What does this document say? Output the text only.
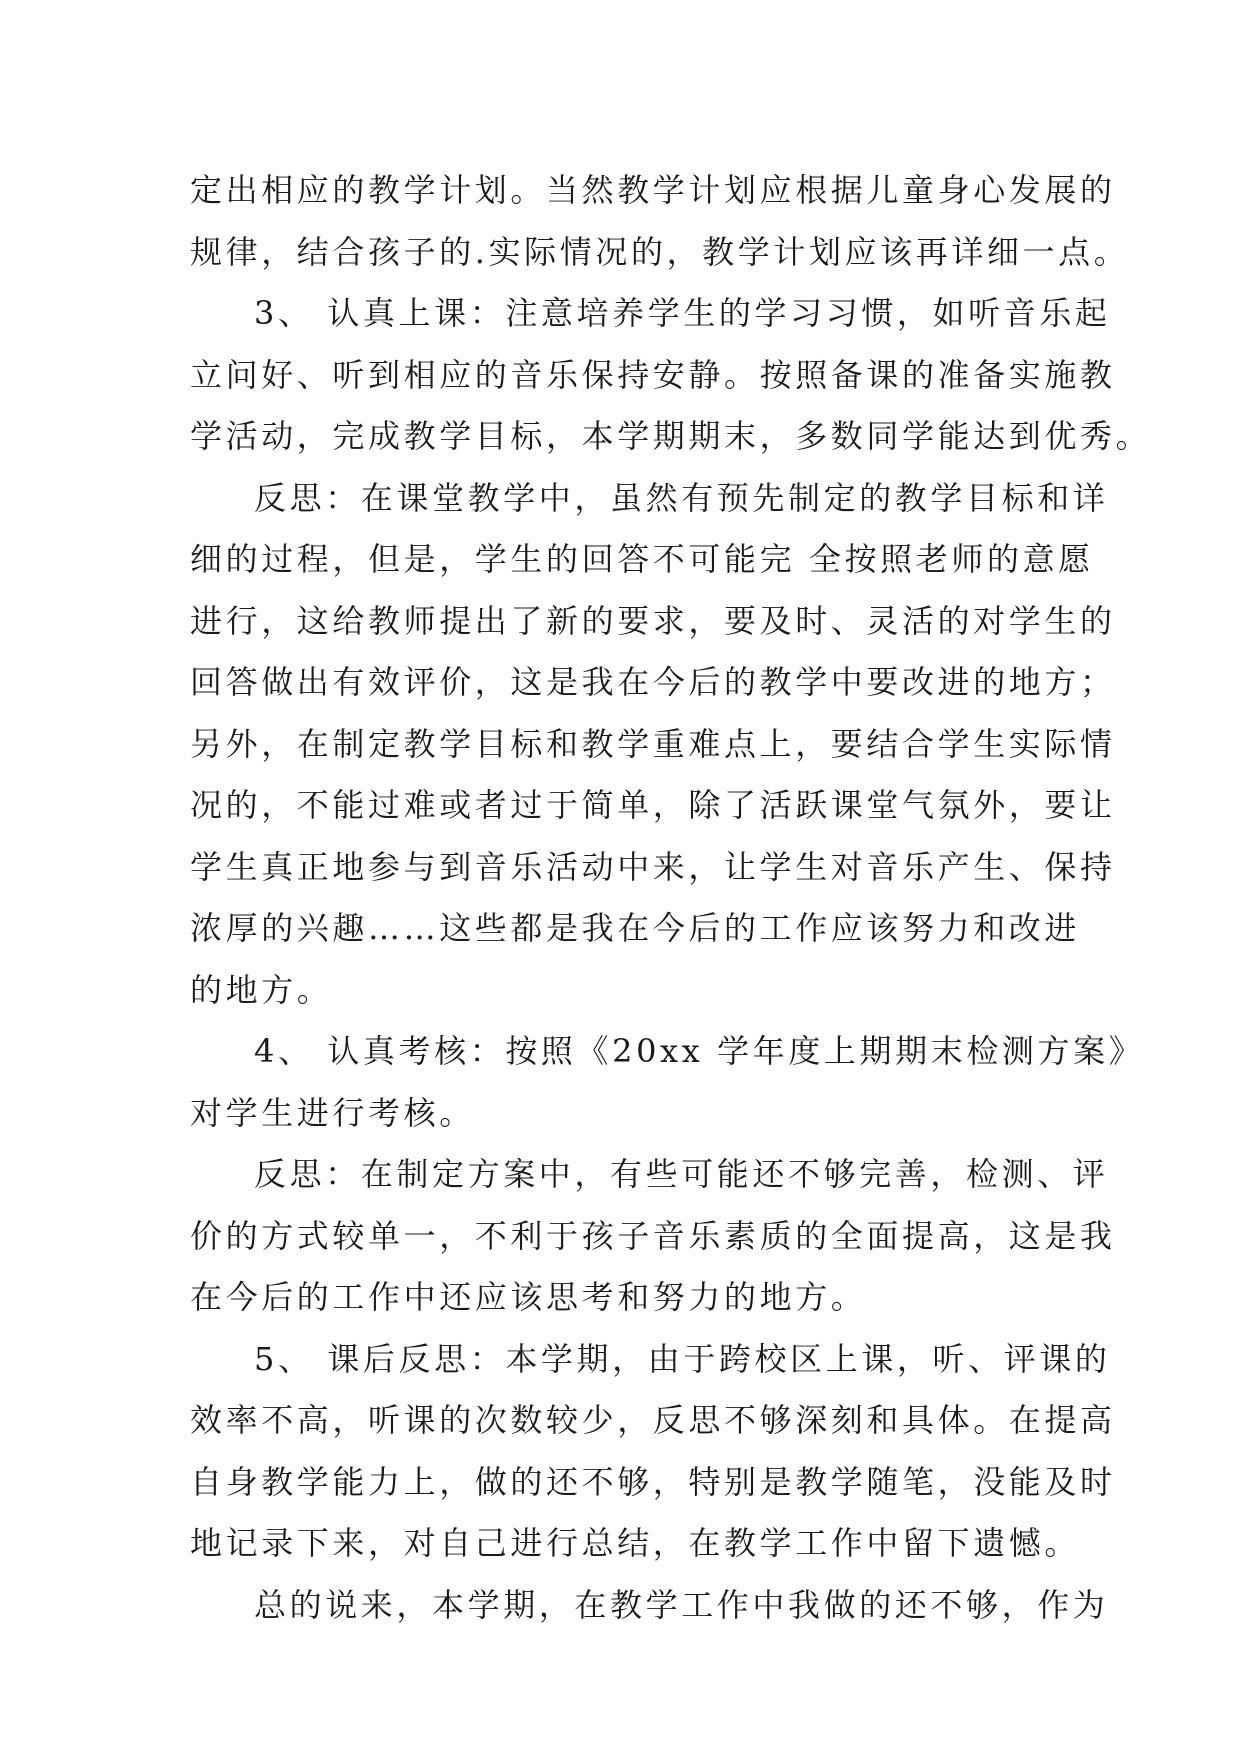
定出相应的教学计划。当然教学计划应根据儿童身心发展的
规律，结合孩子的.实际情况的，教学计划应该再详细一点。
3、 认真上课：注意培养学生的学习习惯，如听音乐起
立问好、听到相应的音乐保持安静。按照备课的准备实施教
学活动，完成教学目标，本学期期末，多数同学能达到优秀。
反思：在课堂教学中，虽然有预先制定的教学目标和详
细的过程，但是，学生的回答不可能完 全按照老师的意愿
进行，这给教师提出了新的要求，要及时、灵活的对学生的
回答做出有效评价，这是我在今后的教学中要改进的地方；
另外，在制定教学目标和教学重难点上，要结合学生实际情
况的，不能过难或者过于简单，除了活跃课堂气氛外，要让
学生真正地参与到音乐活动中来，让学生对音乐产生、保持
浓厚的兴趣……这些都是我在今后的工作应该努力和改进
的地方。
4、 认真考核：按照《20xx 学年度上期期末检测方案》
对学生进行考核。
反思：在制定方案中，有些可能还不够完善，检测、评
价的方式较单一，不利于孩子音乐素质的全面提高，这是我
在今后的工作中还应该思考和努力的地方。
5、 课后反思：本学期，由于跨校区上课，听、评课的
效率不高，听课的次数较少，反思不够深刻和具体。在提高
自身教学能力上，做的还不够，特别是教学随笔，没能及时
地记录下来，对自己进行总结，在教学工作中留下遗憾。
总的说来，本学期，在教学工作中我做的还不够，作为
